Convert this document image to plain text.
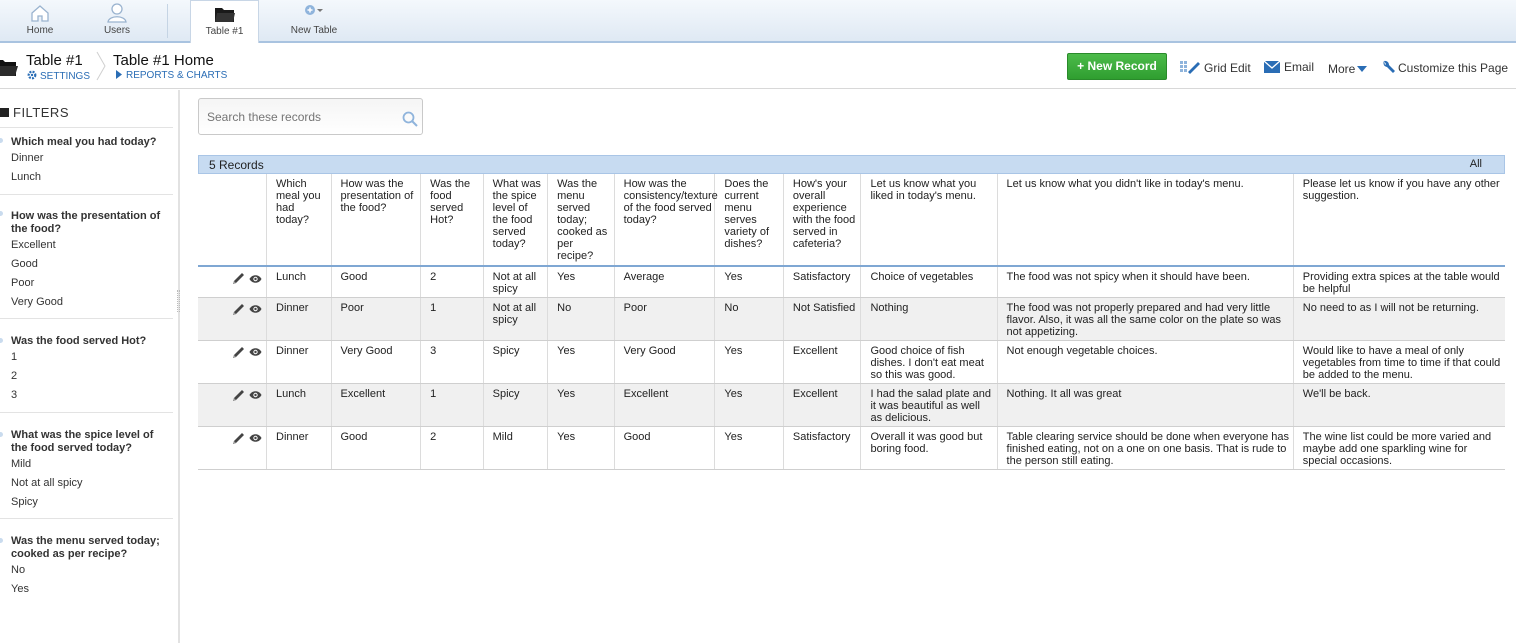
Home	Users	Table #1	New Table
Table #1
SETTINGS
Table #1 Home
REPORTS & CHARTS
+ New Record	Grid Edit	Email More	Customize this Page
FILTERS
Which meal you had today?
Dinner
Lunch
How was the presentation of the food?
Excellent
Good
Poor
Very Good
Was the food served Hot?
1
2
3
What was the spice level of the food served today?
Mild
Not at all spicy
Spicy
Was the menu served today; cooked as per recipe?
No
Yes
Search these records
5 Records	All
	Which meal you had today?	How was the presentation of the food?	Was the food served Hot?	What was the spice level of the food served today?	Was the menu served today; cooked as per recipe?	How was the consistency/texture of the food served today?	Does the current menu serves variety of dishes?	How's your overall experience with the food served in cafeteria?	Let us know what you liked in today's menu.	Let us know what you didn't like in today's menu.	Please let us know if you have any other suggestion.
	Lunch	Good	2	Not at all spicy	Yes	Average	Yes	Satisfactory	Choice of vegetables	The food was not spicy when it should have been.	Providing extra spices at the table would be helpful
	Dinner	Poor	1	Not at all spicy	No	Poor	No	Not Satisfied	Nothing	The food was not properly prepared and had very little flavor. Also, it was all the same color on the plate so was not appetizing.	No need to as I will not be returning.
	Dinner	Very Good	3	Spicy	Yes	Very Good	Yes	Excellent	Good choice of fish dishes. I don't eat meat so this was good.	Not enough vegetable choices.	Would like to have a meal of only vegetables from time to time if that could be added to the menu.
	Lunch	Excellent	1	Spicy	Yes	Excellent	Yes	Excellent	I had the salad plate and it was beautiful as well as delicious.	Nothing. It all was great	We'll be back.
	Dinner	Good	2	Mild	Yes	Good	Yes	Satisfactory	Overall it was good but boring food.	Table clearing service should be done when everyone has finished eating, not on a one on one basis. That is rude to the person still eating.	The wine list could be more varied and maybe add one sparkling wine for special occasions.
